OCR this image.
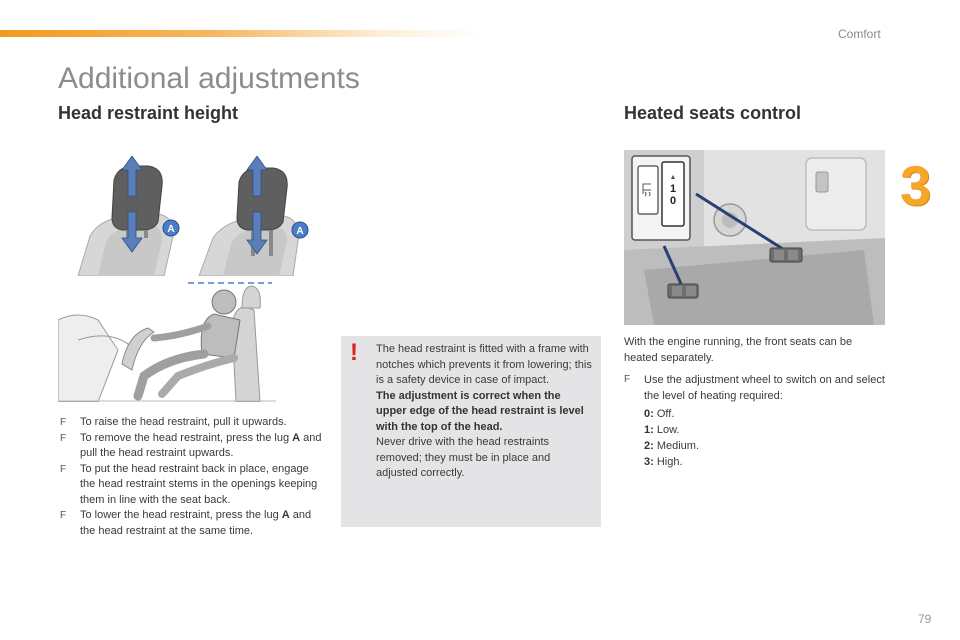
Comfort
3
Additional adjustments
Head restraint height
A	A
F To raise the head restraint, pull it upwards.
F To remove the head restraint, press the lug A and pull the head restraint upwards.
F To put the head restraint back in place, engage the head restraint stems in the openings keeping them in line with the seat back.
F To lower the head restraint, press the lug A and the head restraint at the same time.
! The head restraint is fitted with a frame with notches which prevents it from lowering; this is a safety device in case of impact.

The adjustment is correct when the upper edge of the head restraint is level with the top of the head.

Never drive with the head restraints removed; they must be in place and adjusted correctly.

Heated seats control
▲
1
0
With the engine running, the front seats can be heated separately.
F Use the adjustment wheel to switch on and select the level of heating required:
0: Off.
1: Low.
2: Medium.
3: High.
79
